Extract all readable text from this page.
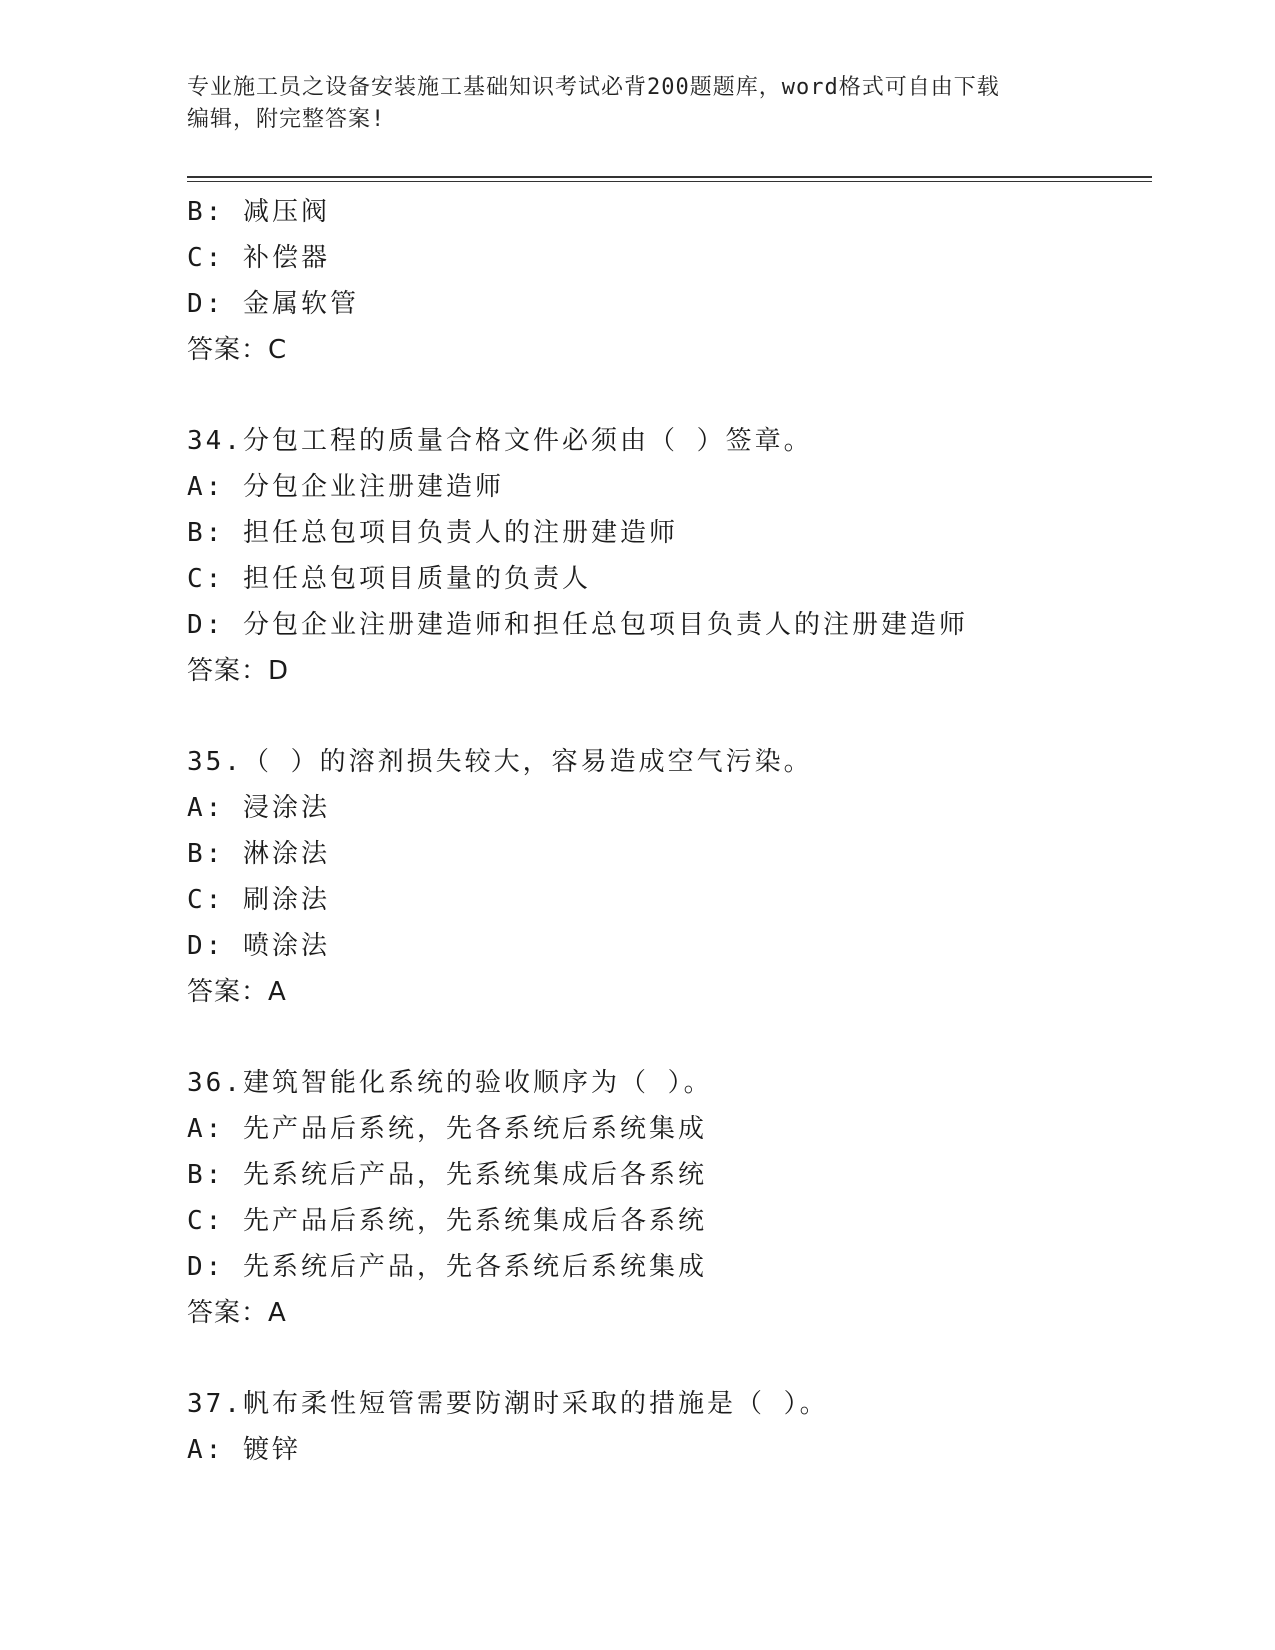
专业施工员之设备安装施工基础知识考试必背200题题库，word格式可自由下载
编辑，附完整答案!
B: 减压阀
C: 补偿器
D: 金属软管
答案：C
34.分包工程的质量合格文件必须由（ ）签章。
A: 分包企业注册建造师
B: 担任总包项目负责人的注册建造师
C: 担任总包项目质量的负责人
D: 分包企业注册建造师和担任总包项目负责人的注册建造师
答案：D
35.（ ）的溶剂损失较大，容易造成空气污染。
A: 浸涂法
B: 淋涂法
C: 刷涂法
D: 喷涂法
答案：A
36.建筑智能化系统的验收顺序为（ ）。
A: 先产品后系统，先各系统后系统集成
B: 先系统后产品，先系统集成后各系统
C: 先产品后系统，先系统集成后各系统
D: 先系统后产品，先各系统后系统集成
答案：A
37.帆布柔性短管需要防潮时采取的措施是（ ）。
A: 镀锌
